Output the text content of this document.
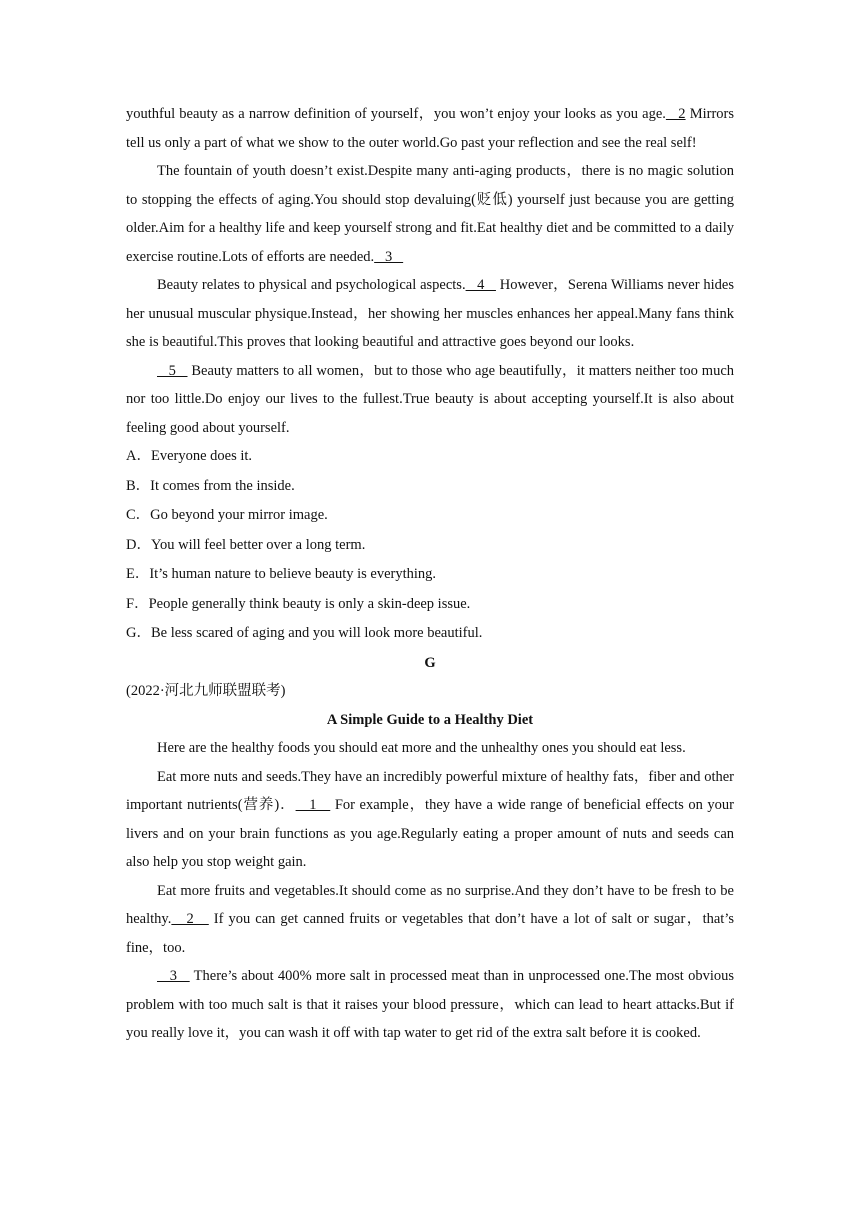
youthful beauty as a narrow definition of yourself，you won’t enjoy your looks as you age.   2 Mirrors tell us only a part of what we show to the outer world.Go past your reflection and see the real self!

The fountain of youth doesn’t exist.Despite many anti-aging products，there is no magic solution to stopping the effects of aging.You should stop devaluing(贬低) yourself just because you are getting older.Aim for a healthy life and keep yourself strong and fit.Eat healthy diet and be committed to a daily exercise routine.Lots of efforts are needed.   3

Beauty relates to physical and psychological aspects.   4    However，Serena Williams never hides her unusual muscular physique.Instead，her showing her muscles enhances her appeal.Many fans think she is beautiful.This proves that looking beautiful and attractive goes beyond our looks.

5    Beauty matters to all women，but to those who age beautifully，it matters neither too much nor too little.Do enjoy our lives to the fullest.True beauty is about accepting yourself.It is also about feeling good about yourself.

A．Everyone does it.

B．It comes from the inside.

C．Go beyond your mirror image.

D．You will feel better over a long term.

E．It’s human nature to believe beauty is everything.

F．People generally think beauty is only a skin-deep issue.

G．Be less scared of aging and you will look more beautiful.

G

(2022·河北九师联盟联考)

A Simple Guide to a Healthy Diet

Here are the healthy foods you should eat more and the unhealthy ones you should eat less.

Eat more nuts and seeds.They have an incredibly powerful mixture of healthy fats，fiber and other important nutrients(营养)．   1    For example，they have a wide range of beneficial effects on your livers and on your brain functions as you age.Regularly eating a proper amount of nuts and seeds can also help you stop weight gain.

Eat more fruits and vegetables.It should come as no surprise.And they don’t have to be fresh to be healthy.   2    If you can get canned fruits or vegetables that don’t have a lot of salt or sugar，that’s fine，too.

3    There’s about 400% more salt in processed meat than in unprocessed one.The most obvious problem with too much salt is that it raises your blood pressure，which can lead to heart attacks.But if you really love it，you can wash it off with tap water to get rid of the extra salt before it is cooked.
